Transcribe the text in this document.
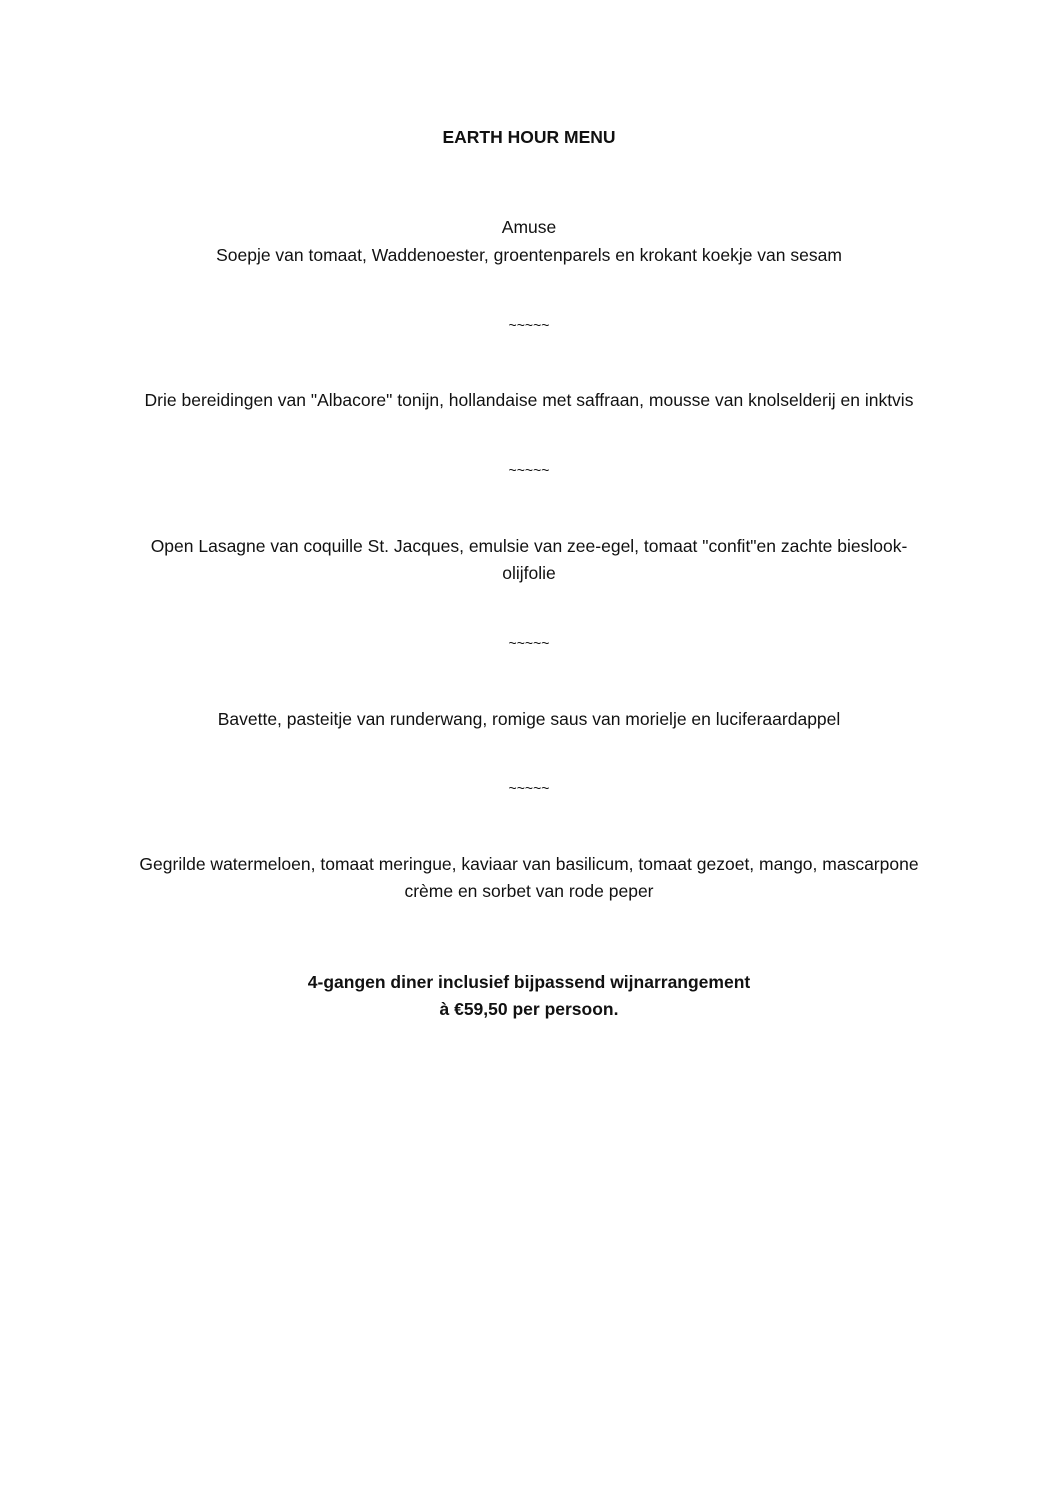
EARTH HOUR MENU
Amuse
Soepje van tomaat, Waddenoester, groentenparels en krokant koekje van sesam
~~~~~
Drie bereidingen van "Albacore" tonijn, hollandaise met saffraan, mousse van knolselderij en inktvis
~~~~~
Open Lasagne van coquille St. Jacques, emulsie van zee-egel, tomaat "confit"en zachte bieslook-
olijfolie
~~~~~
Bavette, pasteitje van runderwang, romige saus van morielje en luciferaardappel
~~~~~
Gegrilde watermeloen, tomaat meringue, kaviaar van basilicum, tomaat gezoet, mango, mascarpone
crème en sorbet van rode peper
4-gangen diner inclusief bijpassend wijnarrangement
à €59,50 per persoon.
